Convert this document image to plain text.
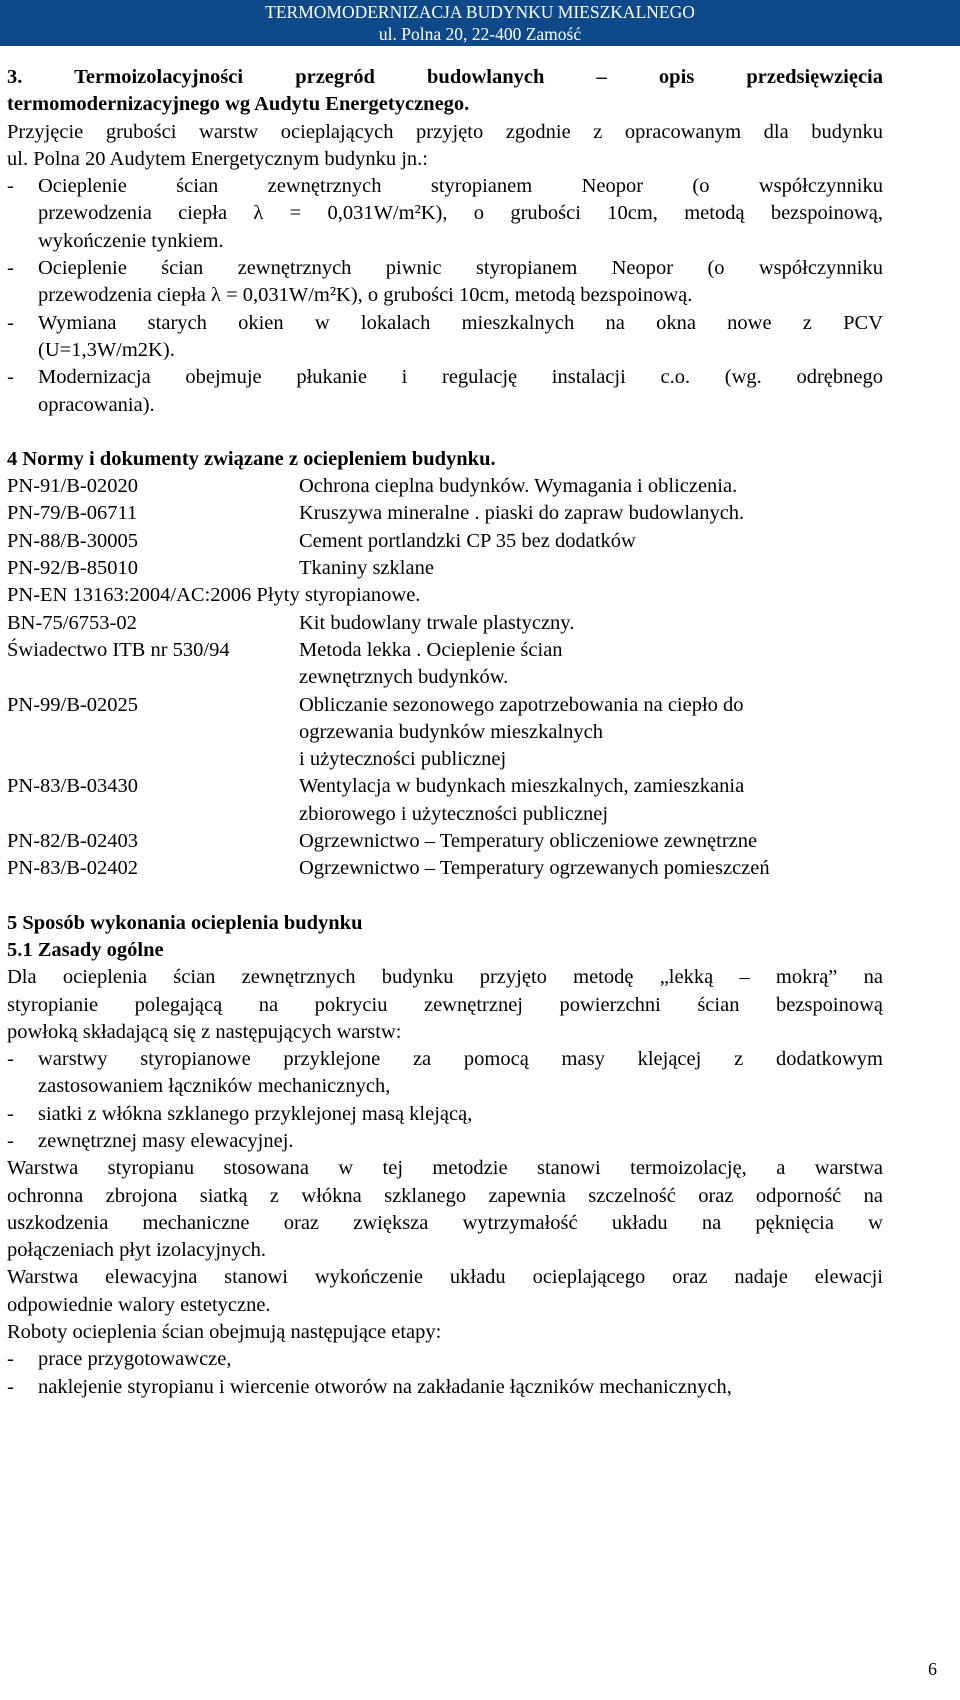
TERMOMODERNIZACJA BUDYNKU MIESZKALNEGO
ul. Polna 20, 22-400 Zamość
3. Termoizolacyjności przegród budowlanych – opis przedsięwzięcia
termomodernizacyjnego wg Audytu Energetycznego.
Przyjęcie grubości warstw ocieplających przyjęto zgodnie z opracowanym dla budynku
ul. Polna 20 Audytem Energetycznym budynku jn.:
-	Ocieplenie ścian zewnętrznych styropianem Neopor (o współczynniku
przewodzenia ciepła λ = 0,031W/m²K), o grubości 10cm, metodą bezspoinową,
wykończenie tynkiem.
-	Ocieplenie ścian zewnętrznych piwnic styropianem Neopor (o współczynniku
przewodzenia ciepła λ = 0,031W/m²K), o grubości 10cm, metodą bezspoinową.
-	Wymiana starych okien w lokalach mieszkalnych na okna nowe z PCV
(U=1,3W/m2K).
-	Modernizacja obejmuje płukanie i regulację instalacji c.o. (wg. odrębnego
opracowania).
4 Normy i dokumenty związane z ociepleniem budynku.
PN-91/B-02020	Ochrona cieplna budynków. Wymagania i obliczenia.
PN-79/B-06711	Kruszywa mineralne . piaski do zapraw budowlanych.
PN-88/B-30005	Cement portlandzki CP 35 bez dodatków
PN-92/B-85010	Tkaniny szklane
PN-EN 13163:2004/AC:2006 Płyty styropianowe.
BN-75/6753-02	Kit budowlany trwale plastyczny.
Świadectwo ITB nr 530/94	Metoda lekka . Ocieplenie ścian
zewnętrznych budynków.
PN-99/B-02025	Obliczanie sezonowego zapotrzebowania na ciepło do
ogrzewania budynków mieszkalnych
i użyteczności publicznej
PN-83/B-03430	Wentylacja w budynkach mieszkalnych, zamieszkania
zbiorowego i użyteczności publicznej
PN-82/B-02403	Ogrzewnictwo – Temperatury obliczeniowe zewnętrzne
PN-83/B-02402	Ogrzewnictwo – Temperatury ogrzewanych pomieszczeń
5 Sposób wykonania ocieplenia budynku
5.1 Zasady ogólne
Dla ocieplenia ścian zewnętrznych budynku przyjęto metodę „lekką – mokrą” na
styropianie polegającą na pokryciu zewnętrznej powierzchni ścian bezspoinową
powłoką składającą się z następujących warstw:
-	warstwy styropianowe przyklejone za pomocą masy klejącej z dodatkowym
zastosowaniem łączników mechanicznych,
-	siatki z włókna szklanego przyklejonej masą klejącą,
-	zewnętrznej masy elewacyjnej.
Warstwa styropianu stosowana w tej metodzie stanowi termoizolację, a warstwa
ochronna zbrojona siatką z włókna szklanego zapewnia szczelność oraz odporność na
uszkodzenia mechaniczne oraz zwiększa wytrzymałość układu na pęknięcia w
połączeniach płyt izolacyjnych.
Warstwa elewacyjna stanowi wykończenie układu ocieplającego oraz nadaje elewacji
odpowiednie walory estetyczne.
Roboty ocieplenia ścian obejmują następujące etapy:
-	prace przygotowawcze,
-	naklejenie styropianu i wiercenie otworów na zakładanie łączników mechanicznych,
6
